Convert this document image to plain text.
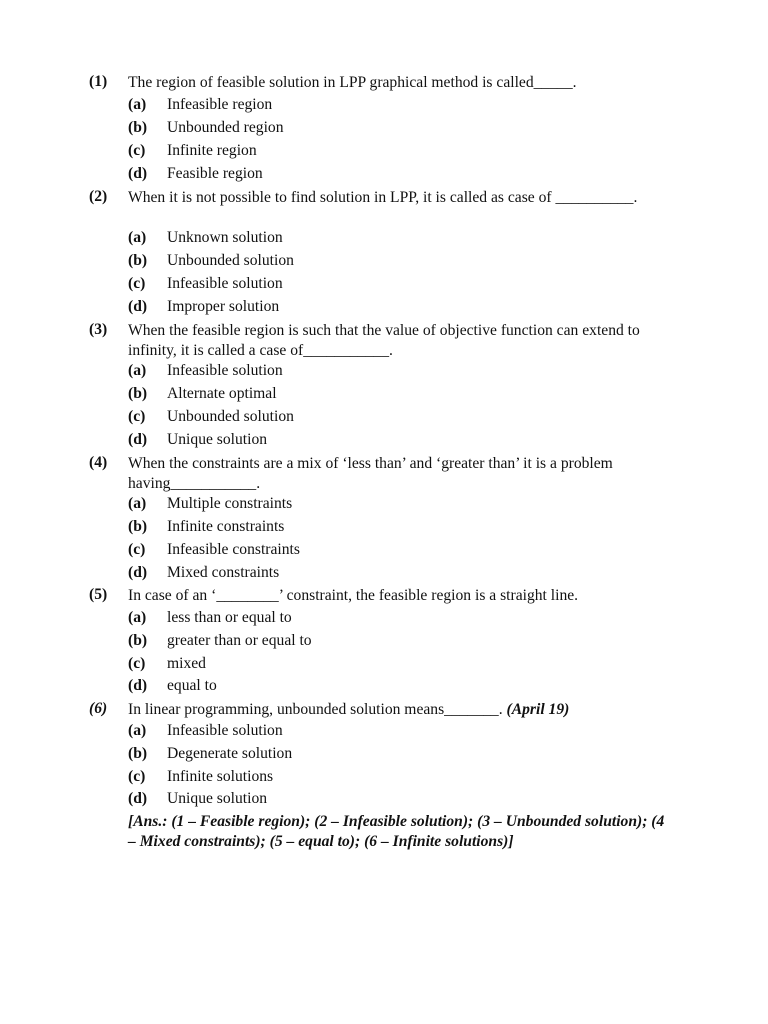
(1) The region of feasible solution in LPP graphical method is called_____.
(a) Infeasible region
(b) Unbounded region
(c) Infinite region
(d) Feasible region
(2) When it is not possible to find solution in LPP, it is called as case of __________.
(a) Unknown solution
(b) Unbounded solution
(c) Infeasible solution
(d) Improper solution
(3) When the feasible region is such that the value of objective function can extend to infinity, it is called a case of___________.
(a) Infeasible solution
(b) Alternate optimal
(c) Unbounded solution
(d) Unique solution
(4) When the constraints are a mix of ‘less than’ and ‘greater than’ it is a problem having___________.
(a) Multiple constraints
(b) Infinite constraints
(c) Infeasible constraints
(d) Mixed constraints
(5) In case of an ‘________’ constraint, the feasible region is a straight line.
(a) less than or equal to
(b) greater than or equal to
(c) mixed
(d) equal to
(6) In linear programming, unbounded solution means_______. (April 19)
(a) Infeasible solution
(b) Degenerate solution
(c) Infinite solutions
(d) Unique solution
[Ans.: (1 – Feasible region); (2 – Infeasible solution); (3 – Unbounded solution); (4 – Mixed constraints); (5 – equal to); (6 – Infinite solutions)]
